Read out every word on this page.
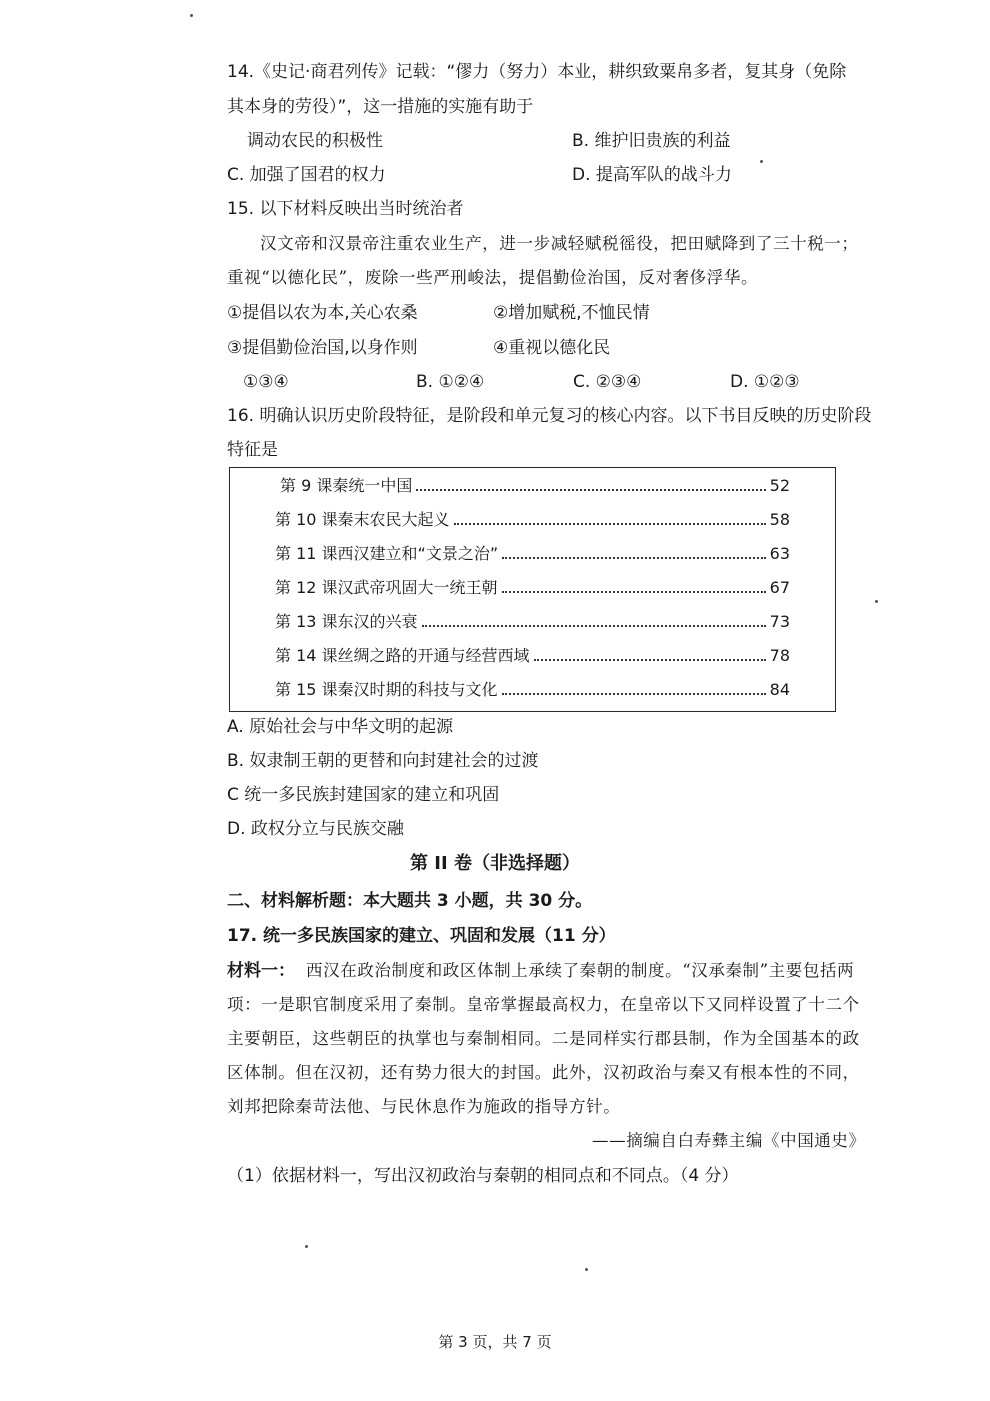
14.《史记·商君列传》记载：“僇力（努力）本业，耕织致粟帛多者，复其身（免除
其本身的劳役）”，这一措施的实施有助于
调动农民的积极性	B. 维护旧贵族的利益
C. 加强了国君的权力	D. 提高军队的战斗力
15. 以下材料反映出当时统治者
汉文帝和汉景帝注重农业生产，进一步减轻赋税徭役，把田赋降到了三十税一；
重视“以德化民”，废除一些严刑峻法，提倡勤俭治国，反对奢侈浮华。
①提倡以农为本,关心农桑	②增加赋税,不恤民情
③提倡勤俭治国,以身作则	④重视以德化民
①③④	B. ①②④	C. ②③④	D. ①②③
16. 明确认识历史阶段特征，是阶段和单元复习的核心内容。以下书目反映的历史阶段
特征是
第 9 课秦统一中国	52
第 10 课秦末农民大起义	58
第 11 课西汉建立和“文景之治”	63
第 12 课汉武帝巩固大一统王朝	67
第 13 课东汉的兴衰	73
第 14 课丝绸之路的开通与经营西域	78
第 15 课秦汉时期的科技与文化	84
A. 原始社会与中华文明的起源
B. 奴隶制王朝的更替和向封建社会的过渡
C 统一多民族封建国家的建立和巩固
D. 政权分立与民族交融
第 II 卷（非选择题）
二、材料解析题：本大题共 3 小题，共 30 分。
17. 统一多民族国家的建立、巩固和发展（11 分）
材料一： 西汉在政治制度和政区体制上承续了秦朝的制度。“汉承秦制”主要包括两
项：一是职官制度采用了秦制。皇帝掌握最高权力，在皇帝以下又同样设置了十二个
主要朝臣，这些朝臣的执掌也与秦制相同。二是同样实行郡县制，作为全国基本的政
区体制。但在汉初，还有势力很大的封国。此外，汉初政治与秦又有根本性的不同，
刘邦把除秦苛法他、与民休息作为施政的指导方针。
——摘编自白寿彝主编《中国通史》
（1）依据材料一，写出汉初政治与秦朝的相同点和不同点。（4 分）
第 3 页，共 7 页
